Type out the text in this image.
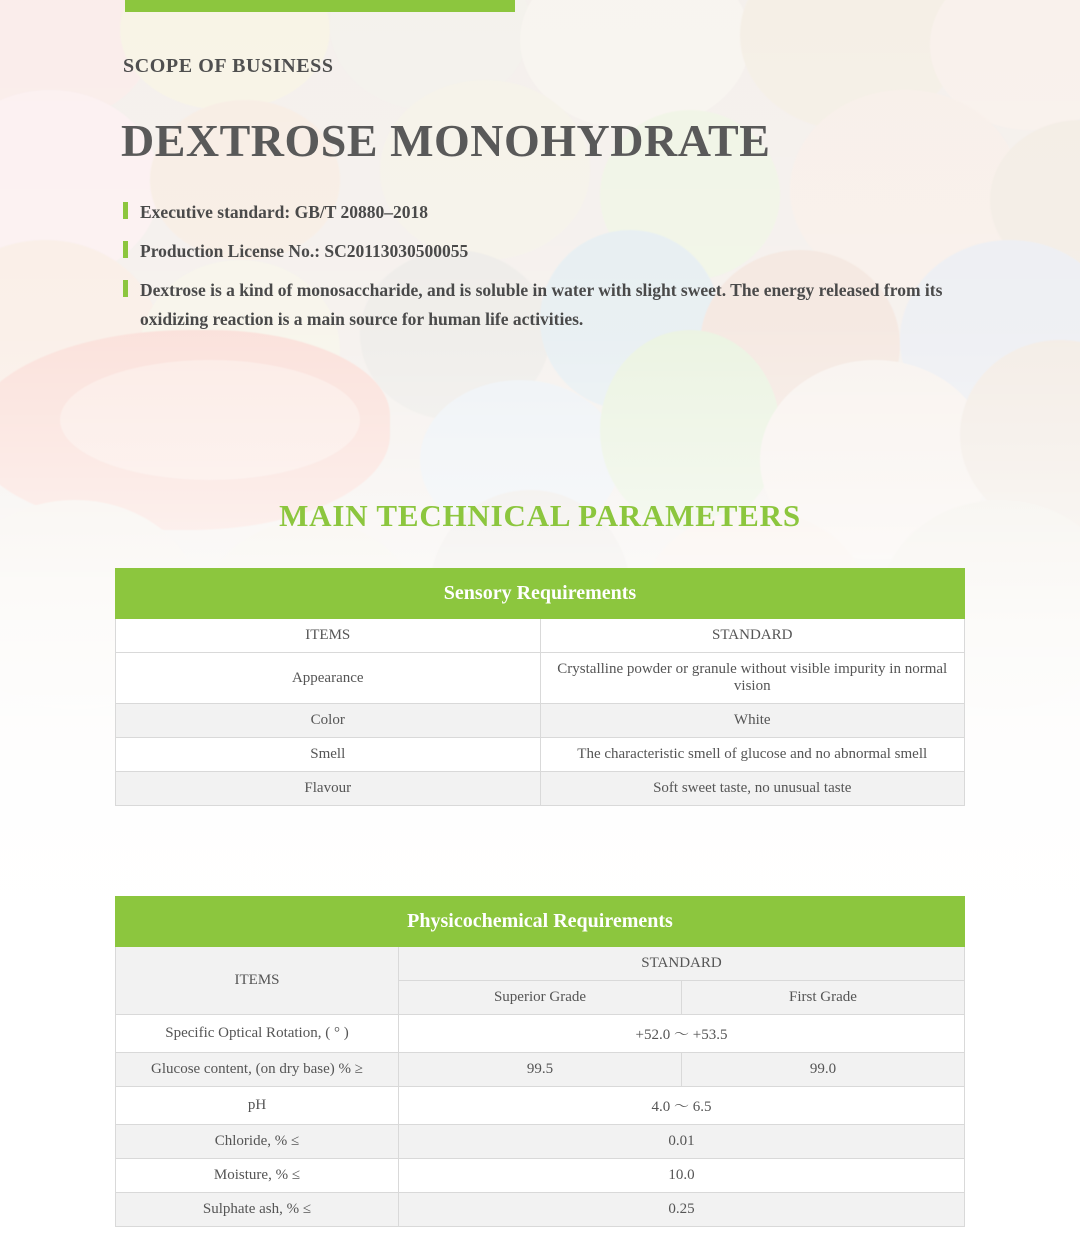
SCOPE OF BUSINESS
DEXTROSE MONOHYDRATE
Executive standard: GB/T 20880–2018
Production License No.: SC20113030500055
Dextrose is a kind of monosaccharide, and is soluble in water with slight sweet. The energy released from its oxidizing reaction is a main source for human life activities.
MAIN TECHNICAL PARAMETERS
Sensory Requirements	
ITEMS	STANDARD
Appearance	Crystalline powder or granule without visible impurity in normal vision
Color	White
Smell	The characteristic smell of glucose and no abnormal smell
Flavour	Soft sweet taste, no unusual taste
Physicochemical Requirements		
ITEMS	STANDARD	
	Superior Grade	First Grade
Specific Optical Rotation, ( ° )	+52.0 ～ +53.5	
Glucose content, (on dry base) % ≥	99.5	99.0
pH	4.0 ～ 6.5	
Chloride, % ≤	0.01	
Moisture, % ≤	10.0	
Sulphate ash, % ≤	0.25	
